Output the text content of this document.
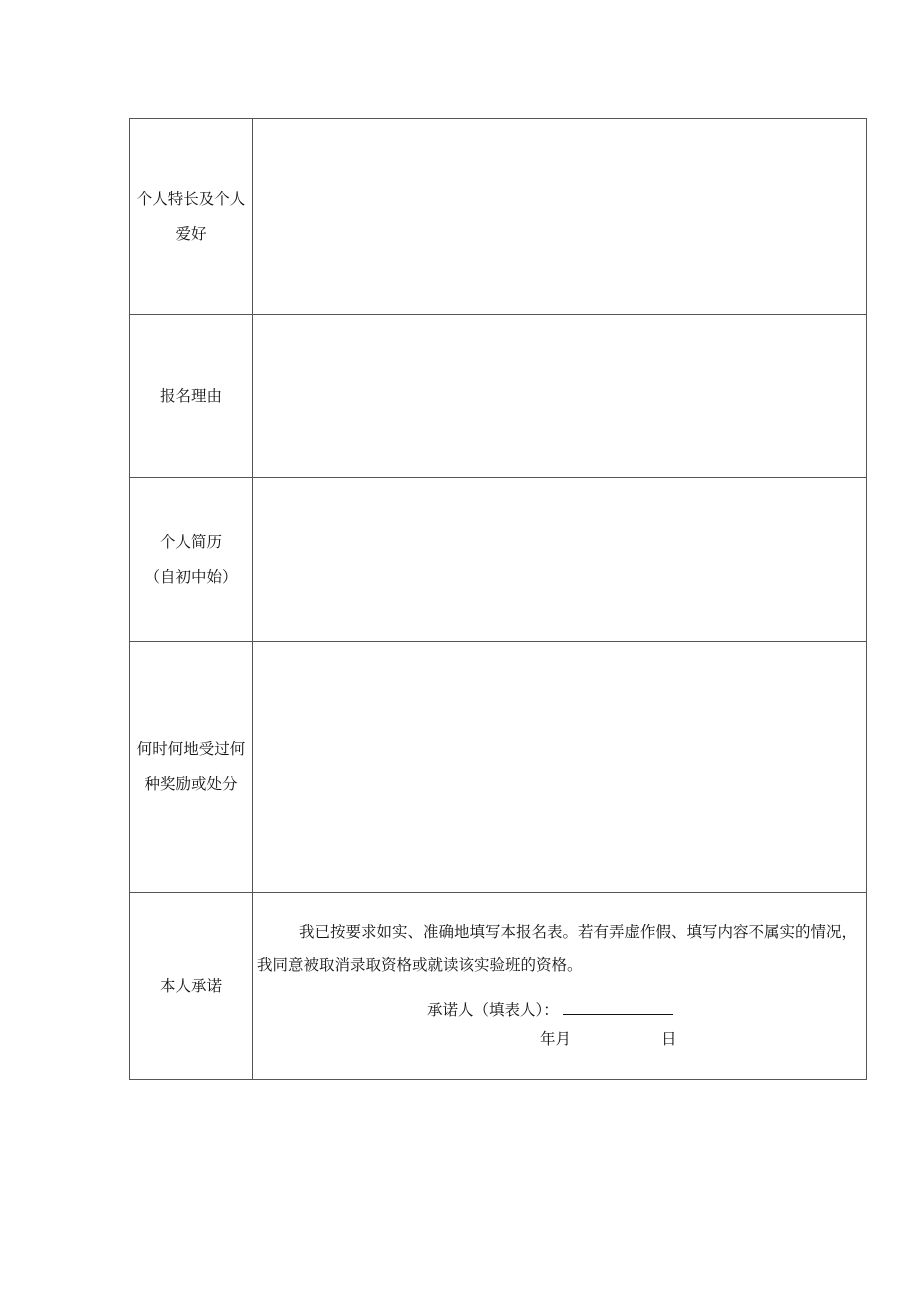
个人特长及个人
爱好	

报名理由	

个人简历
（自初中始）	

何时何地受过何
种奖励或处分	

本人承诺	我已按要求如实、准确地填写本报名表。若有弄虚作假、填写内容不属实的情况，我同意被取消录取资格或就读该实验班的资格。

承诺人（填表人）：
年月 日
